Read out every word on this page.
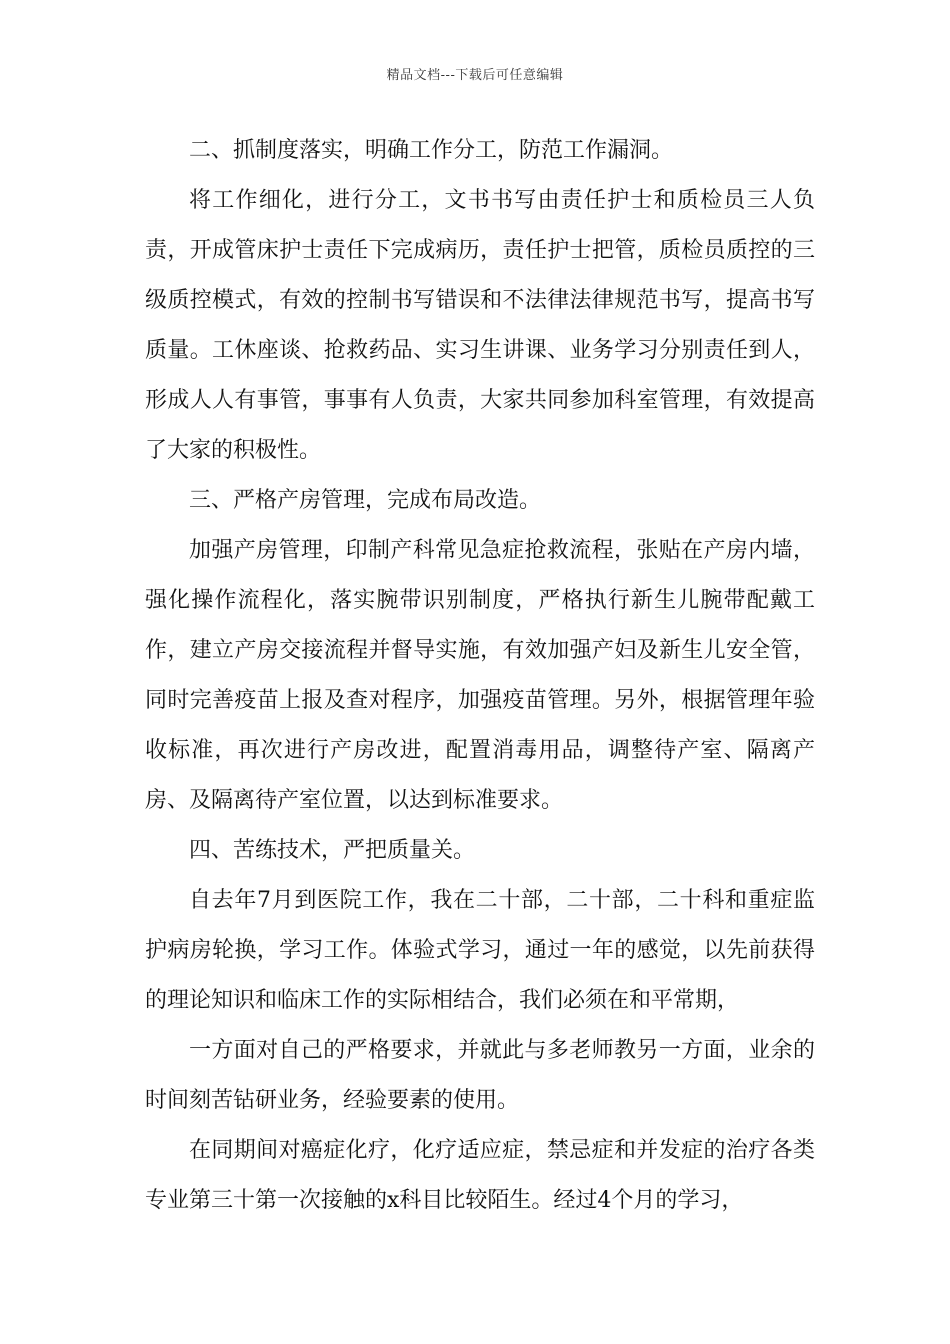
精品文档---下载后可任意编辑

二、抓制度落实，明确工作分工，防范工作漏洞。

将工作细化，进行分工，文书书写由责任护士和质检员三人负责，开成管床护士责任下完成病历，责任护士把管，质检员质控的三级质控模式，有效的控制书写错误和不法律法律规范书写，提高书写质量。工休座谈、抢救药品、实习生讲课、业务学习分别责任到人，形成人人有事管，事事有人负责，大家共同参加科室管理，有效提高了大家的积极性。

三、严格产房管理，完成布局改造。

加强产房管理，印制产科常见急症抢救流程，张贴在产房内墙，强化操作流程化，落实腕带识别制度，严格执行新生儿腕带配戴工作，建立产房交接流程并督导实施，有效加强产妇及新生儿安全管，同时完善疫苗上报及查对程序，加强疫苗管理。另外，根据管理年验收标准，再次进行产房改进，配置消毒用品，调整待产室、隔离产房、及隔离待产室位置，以达到标准要求。

四、苦练技术，严把质量关。

自去年7月到医院工作，我在二十部，二十部，二十科和重症监护病房轮换，学习工作。体验式学习，通过一年的感觉，以先前获得的理论知识和临床工作的实际相结合，我们必须在和平常期，

一方面对自己的严格要求，并就此与多老师教另一方面，业余的时间刻苦钻研业务，经验要素的使用。

在同期间对癌症化疗，化疗适应症，禁忌症和并发症的治疗各类专业第三十第一次接触的x科目比较陌生。经过4个月的学习，
